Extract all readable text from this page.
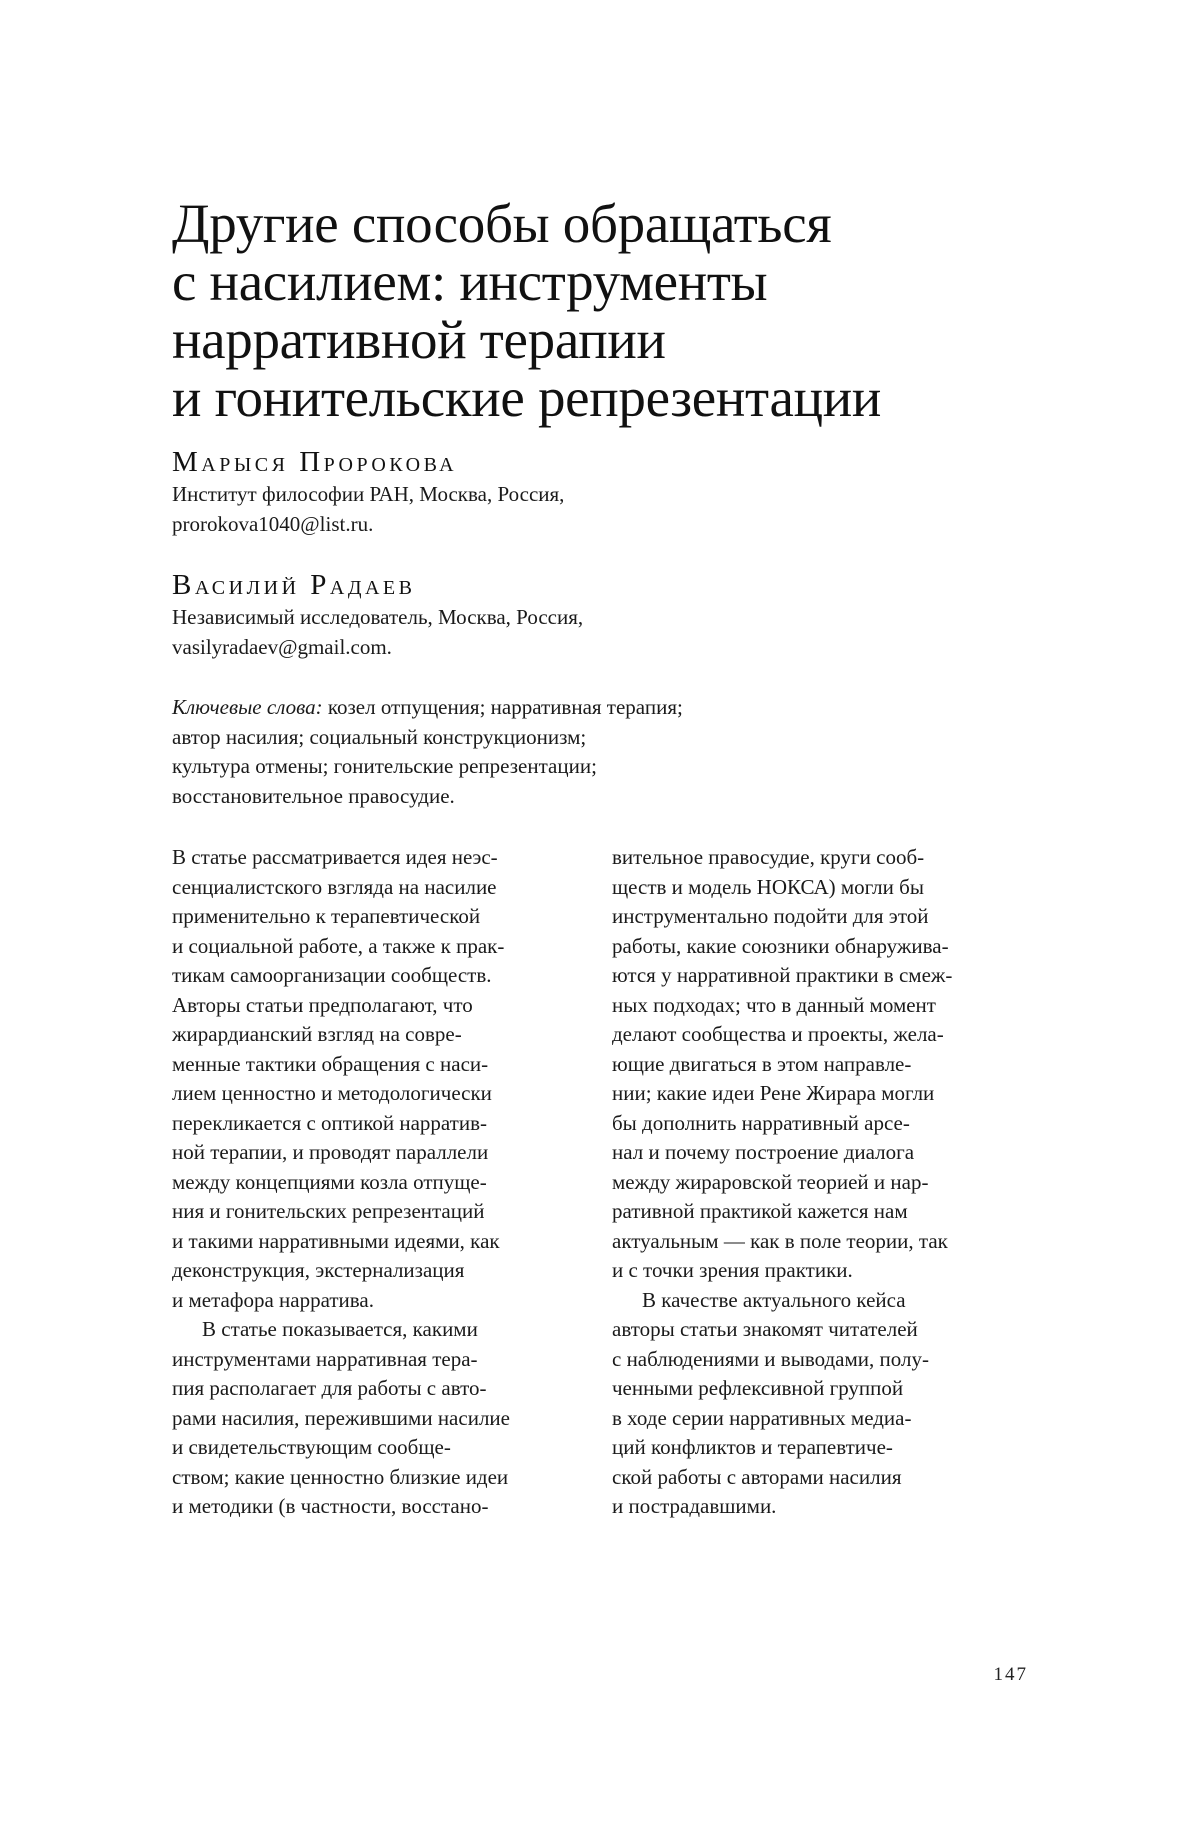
Другие способы обращаться
с насилием: инструменты
нарративной терапии
и гонительские репрезентации
Марыся Пророкова
Институт философии РАН, Москва, Россия,
prorokova1040@list.ru.
Василий Радаев
Независимый исследователь, Москва, Россия,
vasilyradaev@gmail.com.
Ключевые слова: козел отпущения; нарративная терапия;
автор насилия; социальный конструкционизм;
культура отмены; гонительские репрезентации;
восстановительное правосудие.
В статье рассматривается идея неэс-
сенциалистского взгляда на насилие
применительно к терапевтической
и социальной работе, а также к прак-
тикам самоорганизации сообществ.
Авторы статьи предполагают, что
жирардианский взгляд на совре-
менные тактики обращения с наси-
лием ценностно и методологически
перекликается с оптикой нарратив-
ной терапии, и проводят параллели
между концепциями козла отпуще-
ния и гонительских репрезентаций
и такими нарративными идеями, как
деконструкция, экстернализация
и метафора нарратива.
В статье показывается, какими
инструментами нарративная тера-
пия располагает для работы с авто-
рами насилия, пережившими насилие
и свидетельствующим сообще-
ством; какие ценностно близкие идеи
и методики (в частности, восстано-
вительное правосудие, круги сооб-
ществ и модель НОКСА) могли бы
инструментально подойти для этой
работы, какие союзники обнаружива-
ются у нарративной практики в смеж-
ных подходах; что в данный момент
делают сообщества и проекты, жела-
ющие двигаться в этом направле-
нии; какие идеи Рене Жирара могли
бы дополнить нарративный арсе-
нал и почему построение диалога
между жираровской теорией и нар-
ративной практикой кажется нам
актуальным — как в поле теории, так
и с точки зрения практики.
В качестве актуального кейса
авторы статьи знакомят читателей
с наблюдениями и выводами, полу-
ченными рефлексивной группой
в ходе серии нарративных медиа-
ций конфликтов и терапевтиче-
ской работы с авторами насилия
и пострадавшими.
147
